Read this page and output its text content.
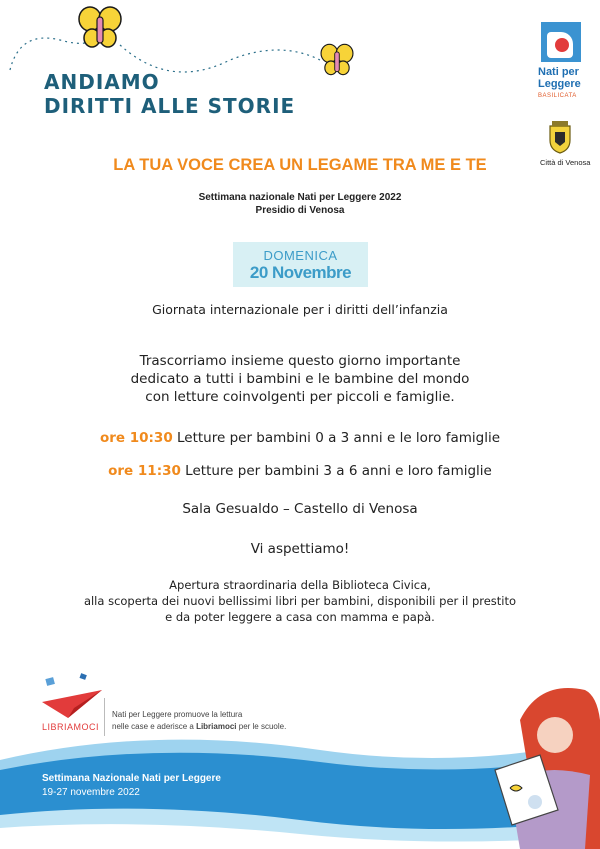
ANDIAMO
DIRITTI ALLE STORIE
Nati per
Leggere
BASILICATA
Città di Venosa
LA TUA VOCE CREA UN LEGAME TRA ME E TE
Settimana nazionale Nati per Leggere 2022
Presidio di Venosa
DOMENICA
20 Novembre
Giornata internazionale per i diritti dell’infanzia
Trascorriamo insieme questo giorno importante
dedicato a tutti i bambini e le bambine del mondo
con letture coinvolgenti per piccoli e famiglie.
ore 10:30 Letture per bambini 0 a 3 anni e le loro famiglie
ore 11:30 Letture per bambini 3 a 6 anni e loro famiglie
Sala Gesualdo – Castello di Venosa
Vi aspettiamo!
Apertura straordinaria della Biblioteca Civica,
alla scoperta dei nuovi bellissimi libri per bambini, disponibili per il prestito
e da poter leggere a casa con mamma e papà.
LIBRIAMOCI
Nati per Leggere promuove la lettura
nelle case e aderisce a Libriamoci per le scuole.
Settimana Nazionale Nati per Leggere
19-27 novembre 2022
